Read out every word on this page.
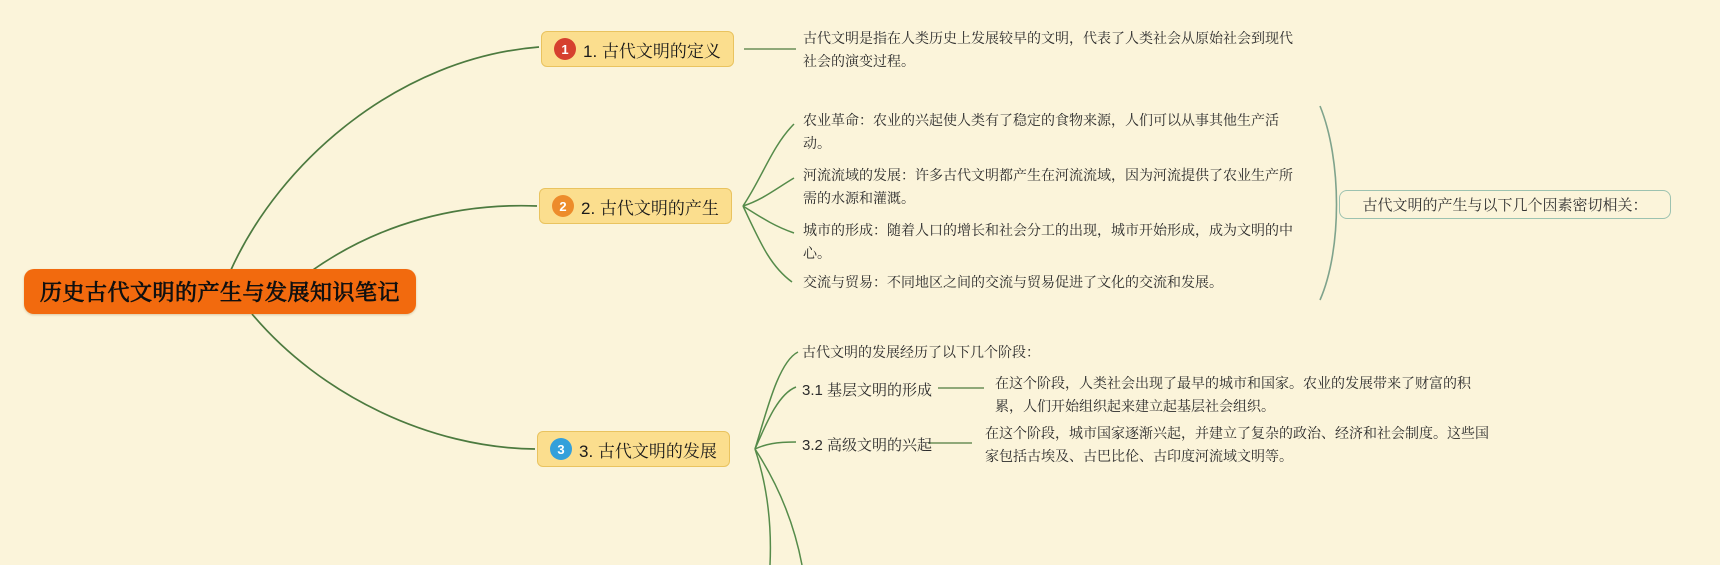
历史古代文明的产生与发展知识笔记
1 1. 古代文明的定义
古代文明是指在人类历史上发展较早的文明，代表了人类社会从原始社会到现代社会的演变过程。
2 2. 古代文明的产生
农业革命：农业的兴起使人类有了稳定的食物来源，人们可以从事其他生产活动。
河流流域的发展：许多古代文明都产生在河流流域，因为河流提供了农业生产所需的水源和灌溉。
城市的形成：随着人口的增长和社会分工的出现，城市开始形成，成为文明的中心。
交流与贸易：不同地区之间的交流与贸易促进了文化的交流和发展。
古代文明的产生与以下几个因素密切相关：
3 3. 古代文明的发展
古代文明的发展经历了以下几个阶段：
3.1 基层文明的形成	在这个阶段，人类社会出现了最早的城市和国家。农业的发展带来了财富的积累，人们开始组织起来建立起基层社会组织。
3.2 高级文明的兴起
在这个阶段，城市国家逐渐兴起，并建立了复杂的政治、经济和社会制度。这些国家包括古埃及、古巴比伦、古印度河流域文明等。
